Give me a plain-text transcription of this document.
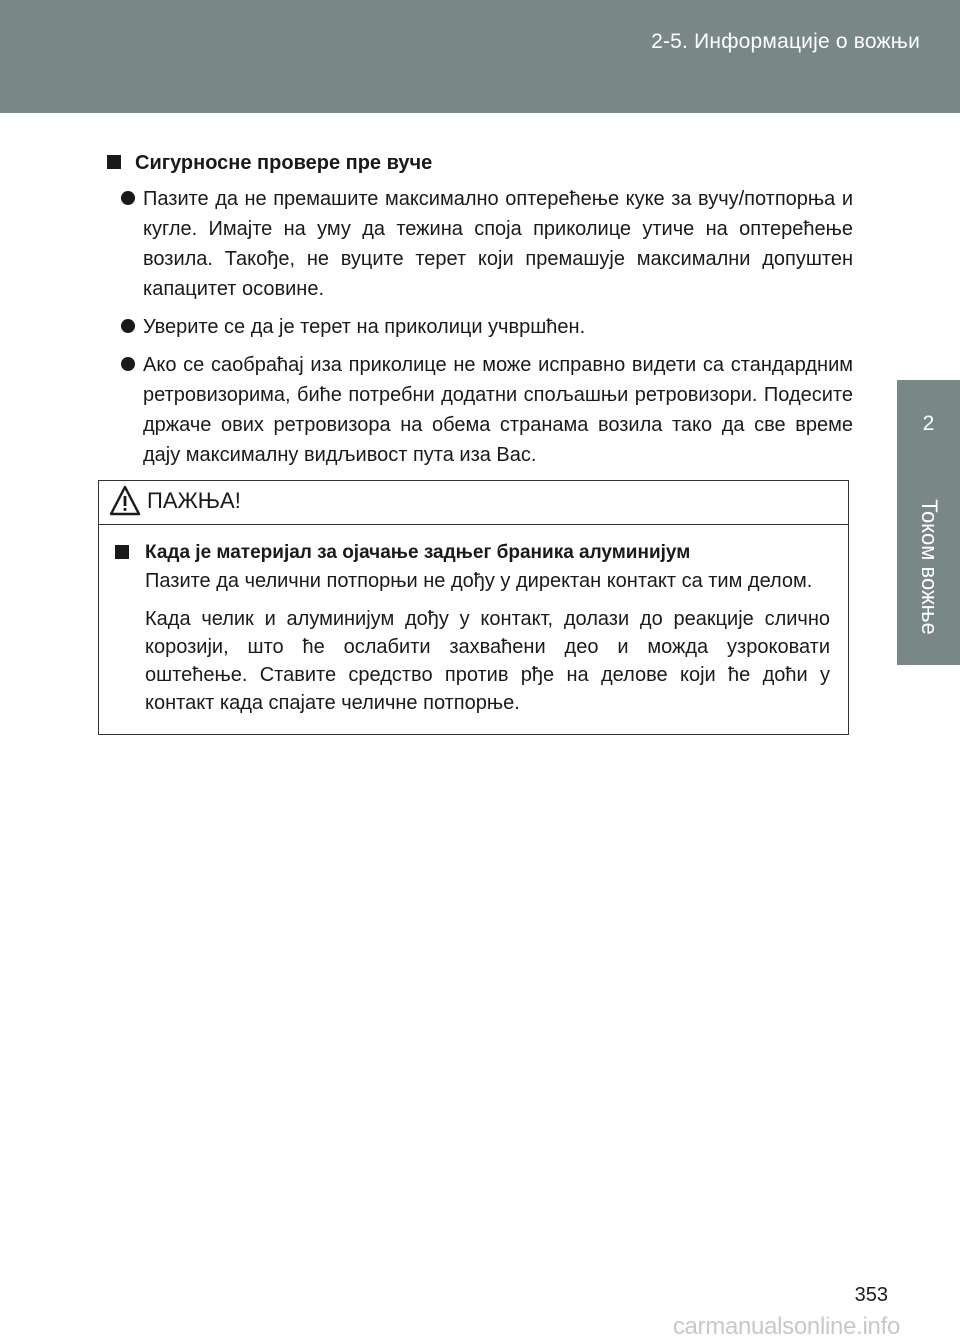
2-5. Информације о вожњи
2
Током вожње
Сигурносне провере пре вуче
Пазите да не премашите максимално оптерећење куке за вучу/потпорња и кугле. Имајте на уму да тежина споја приколице утиче на оптерећење возила. Такође, не вуците терет који премашује максимални допуштен капацитет осовине.
Уверите се да је терет на приколици учвршћен.
Ако се саобраћај иза приколице не може исправно видети са стандардним ретровизорима, биће потребни додатни спољашњи ретровизори. Подесите држаче ових ретровизора на обема странама возила тако да све време дају максималну видљивост пута иза Вас.
ПАЖЊА!
Када је материјал за ојачање задњег браника алуминијум
Пазите да челични потпорњи не дођу у директан контакт са тим делом.
Када челик и алуминијум дођу у контакт, долази до реакције слично корозији, што ће ослабити захваћени део и можда узроковати оштећење. Ставите средство против рђе на делове који ће доћи у контакт када спајате челичне потпорње.
353
carmanualsonline.info
